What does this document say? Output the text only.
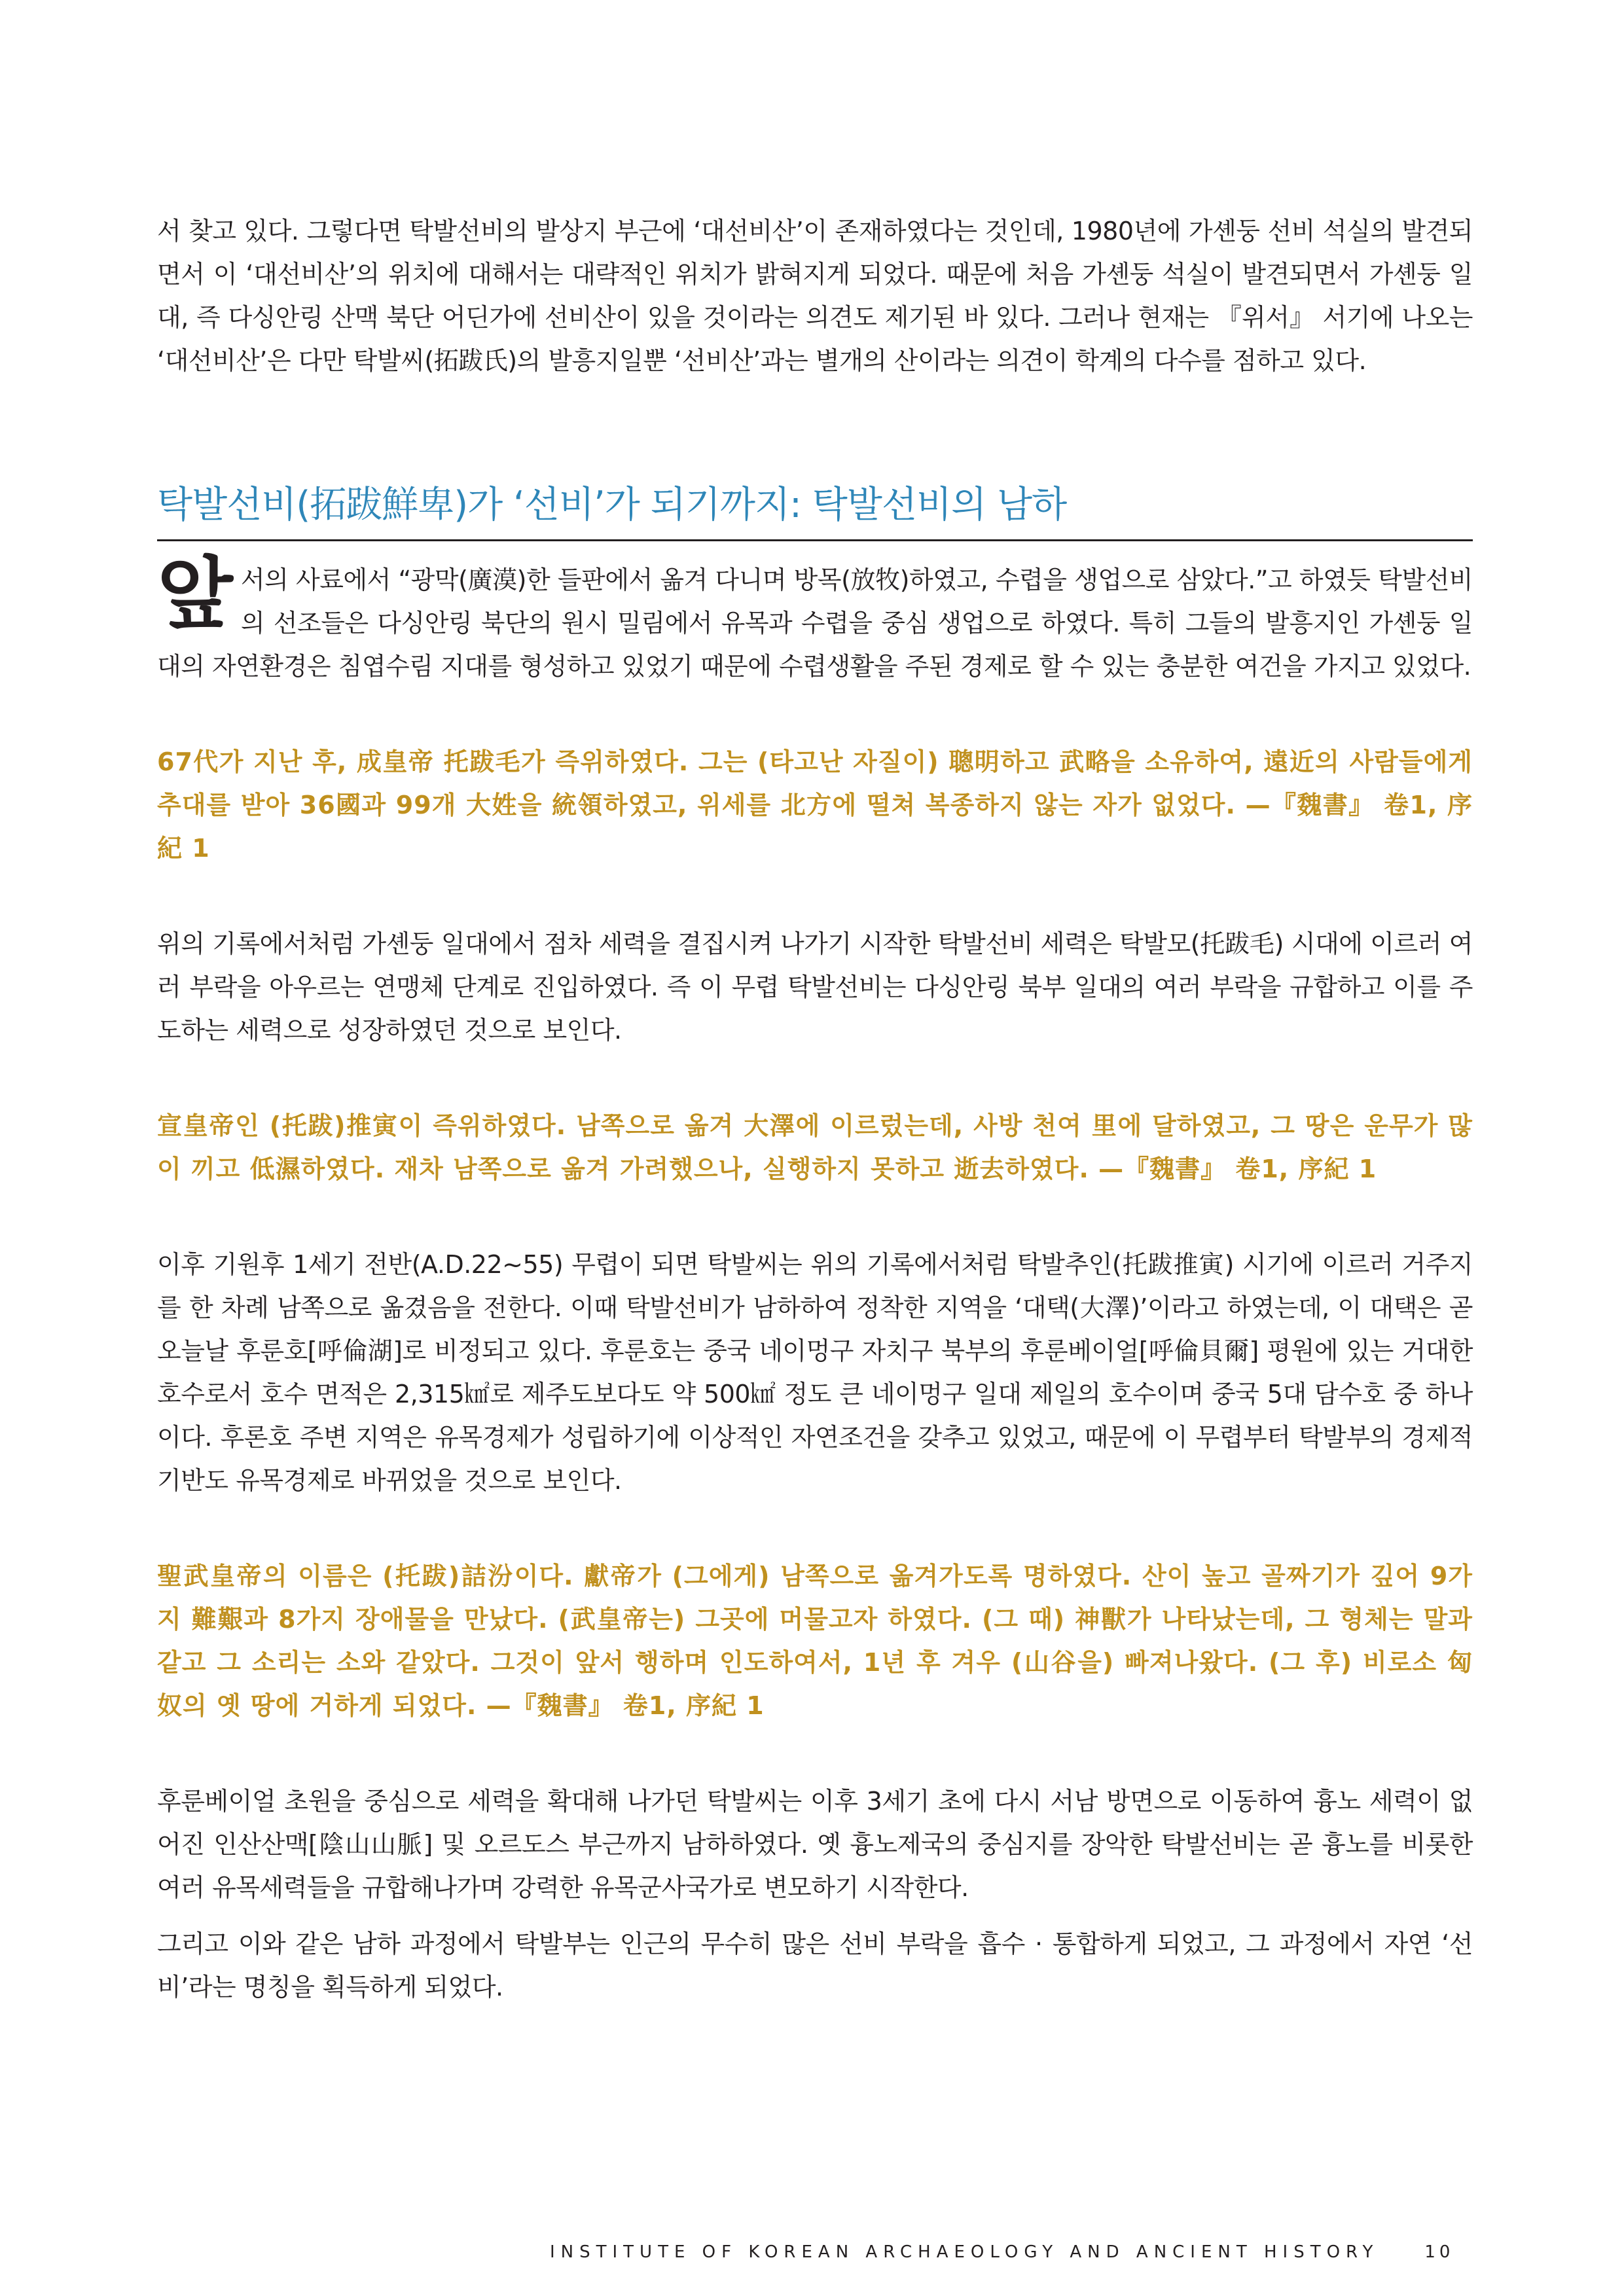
서 찾고 있다. 그렇다면 탁발선비의 발상지 부근에 ‘대선비산’이 존재하였다는 것인데, 1980년에 가셴둥 선비 석실의 발견되면서 이 ‘대선비산’의 위치에 대해서는 대략적인 위치가 밝혀지게 되었다. 때문에 처음 가셴둥 석실이 발견되면서 가셴둥 일대, 즉 다싱안링 산맥 북단 어딘가에 선비산이 있을 것이라는 의견도 제기된 바 있다. 그러나 현재는 『위서』 서기에 나오는 ‘대선비산’은 다만 탁발씨(拓跋氏)의 발흥지일뿐 ‘선비산’과는 별개의 산이라는 의견이 학계의 다수를 점하고 있다.

탁발선비(拓跋鮮卑)가 ‘선비’가 되기까지: 탁발선비의 남하

앞서의 사료에서 “광막(廣漠)한 들판에서 옮겨 다니며 방목(放牧)하였고, 수렵을 생업으로 삼았다.”고 하였듯 탁발선비의 선조들은 다싱안링 북단의 원시 밀림에서 유목과 수렵을 중심 생업으로 하였다. 특히 그들의 발흥지인 가셴둥 일대의 자연환경은 침엽수림 지대를 형성하고 있었기 때문에 수렵생활을 주된 경제로 할 수 있는 충분한 여건을 가지고 있었다.

67代가 지난 후, 成皇帝 托跋毛가 즉위하였다. 그는 (타고난 자질이) 聰明하고 武略을 소유하여, 遠近의 사람들에게 추대를 받아 36國과 99개 大姓을 統領하였고, 위세를 北方에 떨쳐 복종하지 않는 자가 없었다. —『魏書』 卷1, 序紀 1

위의 기록에서처럼 가셴둥 일대에서 점차 세력을 결집시켜 나가기 시작한 탁발선비 세력은 탁발모(托跋毛) 시대에 이르러 여러 부락을 아우르는 연맹체 단계로 진입하였다. 즉 이 무렵 탁발선비는 다싱안링 북부 일대의 여러 부락을 규합하고 이를 주도하는 세력으로 성장하였던 것으로 보인다.

宣皇帝인 (托跋)推寅이 즉위하였다. 남쪽으로 옮겨 大澤에 이르렀는데, 사방 천여 里에 달하였고, 그 땅은 운무가 많이 끼고 低濕하였다. 재차 남쪽으로 옮겨 가려했으나, 실행하지 못하고 逝去하였다. —『魏書』 卷1, 序紀 1

이후 기원후 1세기 전반(A.D.22~55) 무렵이 되면 탁발씨는 위의 기록에서처럼 탁발추인(托跋推寅) 시기에 이르러 거주지를 한 차례 남쪽으로 옮겼음을 전한다. 이때 탁발선비가 남하하여 정착한 지역을 ‘대택(大澤)’이라고 하였는데, 이 대택은 곧 오늘날 후룬호[呼倫湖]로 비정되고 있다. 후룬호는 중국 네이멍구 자치구 북부의 후룬베이얼[呼倫貝爾] 평원에 있는 거대한 호수로서 호수 면적은 2,315㎢로 제주도보다도 약 500㎢ 정도 큰 네이멍구 일대 제일의 호수이며 중국 5대 담수호 중 하나이다. 후론호 주변 지역은 유목경제가 성립하기에 이상적인 자연조건을 갖추고 있었고, 때문에 이 무렵부터 탁발부의 경제적 기반도 유목경제로 바뀌었을 것으로 보인다.

聖武皇帝의 이름은 (托跋)詰汾이다. 獻帝가 (그에게) 남쪽으로 옮겨가도록 명하였다. 산이 높고 골짜기가 깊어 9가지 難艱과 8가지 장애물을 만났다. (武皇帝는) 그곳에 머물고자 하였다. (그 때) 神獸가 나타났는데, 그 형체는 말과 같고 그 소리는 소와 같았다. 그것이 앞서 행하며 인도하여서, 1년 후 겨우 (山谷을) 빠져나왔다. (그 후) 비로소 匈奴의 옛 땅에 거하게 되었다. —『魏書』 卷1, 序紀 1

후룬베이얼 초원을 중심으로 세력을 확대해 나가던 탁발씨는 이후 3세기 초에 다시 서남 방면으로 이동하여 흉노 세력이 없어진 인산산맥[陰山山脈] 및 오르도스 부근까지 남하하였다. 옛 흉노제국의 중심지를 장악한 탁발선비는 곧 흉노를 비롯한 여러 유목세력들을 규합해나가며 강력한 유목군사국가로 변모하기 시작한다.

그리고 이와 같은 남하 과정에서 탁발부는 인근의 무수히 많은 선비 부락을 흡수 · 통합하게 되었고, 그 과정에서 자연 ‘선비’라는 명칭을 획득하게 되었다.

INSTITUTE OF KOREAN ARCHAEOLOGY AND ANCIENT HISTORY	10
